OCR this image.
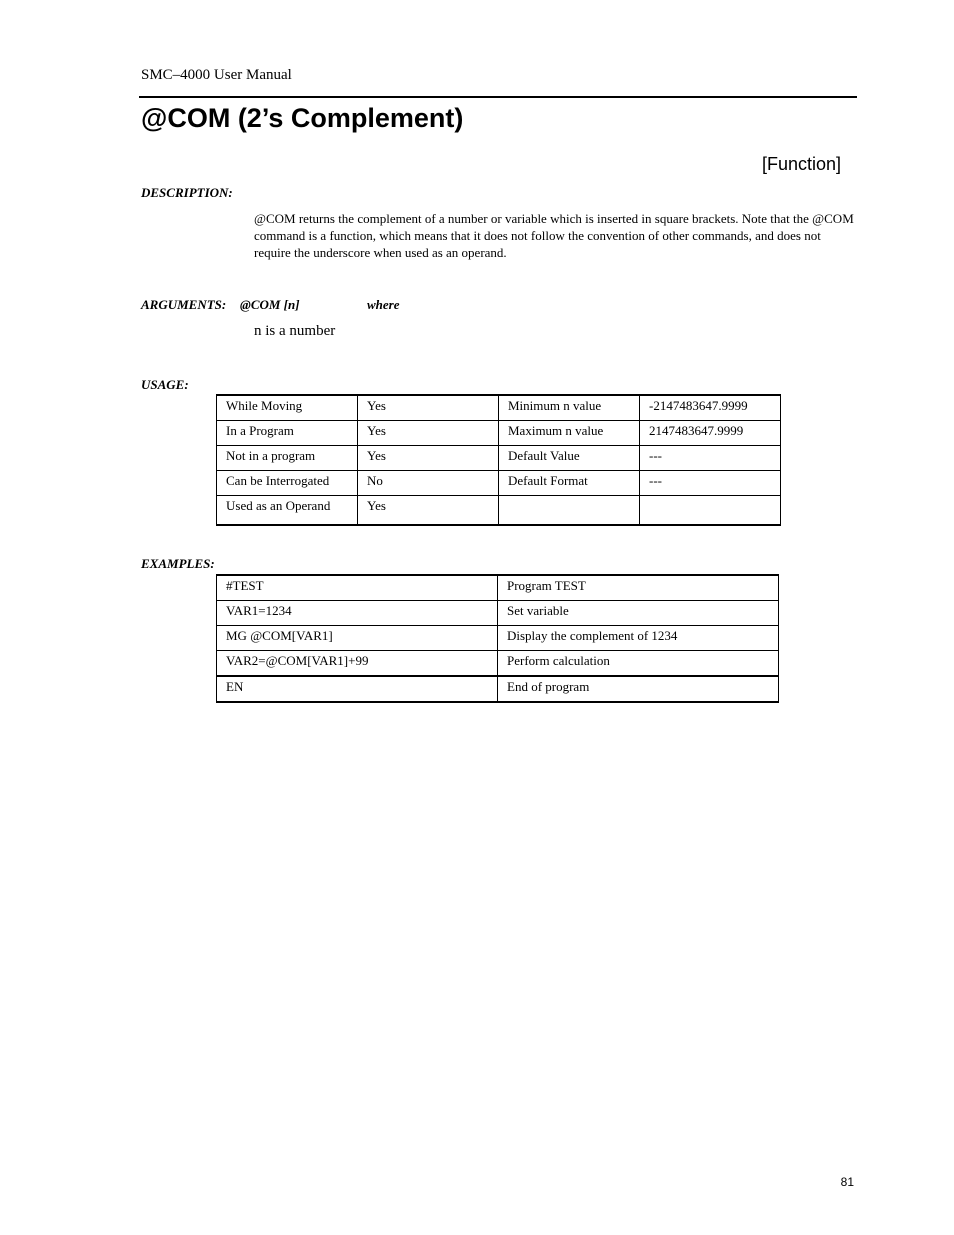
SMC–4000 User Manual
@COM (2’s Complement)
[Function]
DESCRIPTION:
@COM returns the complement of a number or variable which is inserted in square brackets. Note that the @COM command is a function, which means that it does not follow the convention of other commands, and does not require the underscore when used as an operand.
ARGUMENTS: @COM [n]	where
n is a number
USAGE:
While Moving	Yes	Minimum n value	-2147483647.9999
In a Program	Yes	Maximum n value	2147483647.9999
Not in a program	Yes	Default Value	---
Can be Interrogated	No	Default Format	---
Used as an Operand	Yes		
EXAMPLES:
#TEST	Program TEST
VAR1=1234	Set variable
MG @COM[VAR1]	Display the complement of 1234
VAR2=@COM[VAR1]+99	Perform calculation
EN	End of program
81
